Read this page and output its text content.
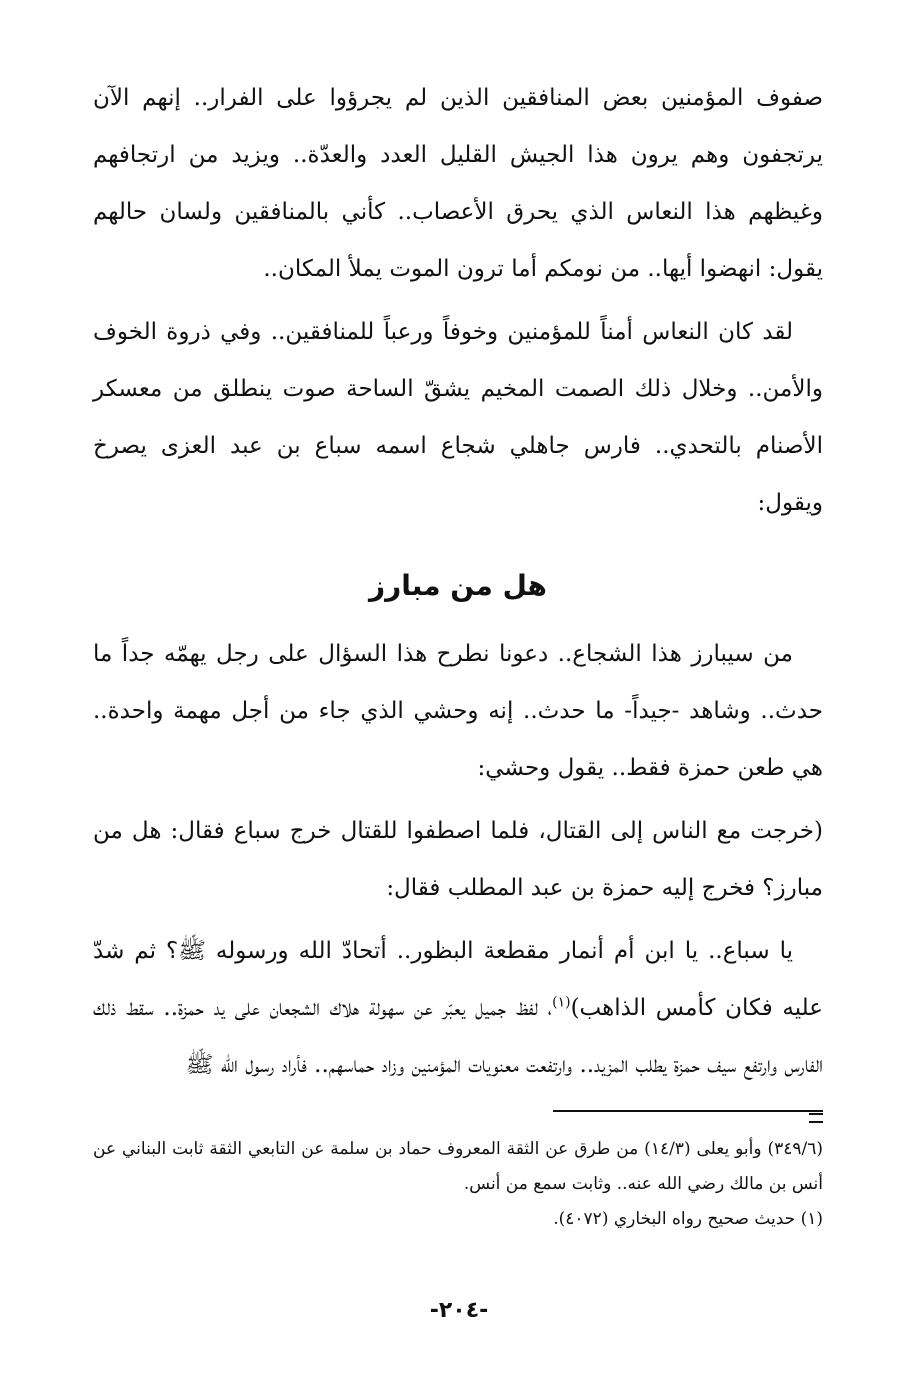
صفوف المؤمنين بعض المنافقين الذين لم يجرؤوا على الفرار.. إنهم الآن يرتجفون وهم يرون هذا الجيش القليل العدد والعدّة.. ويزيد من ارتجافهم وغيظهم هذا النعاس الذي يحرق الأعصاب.. كأني بالمنافقين ولسان حالهم يقول: انهضوا أيها.. من نومكم أما ترون الموت يملأ المكان..

لقد كان النعاس أمناً للمؤمنين وخوفاً ورعباً للمنافقين.. وفي ذروة الخوف والأمن.. وخلال ذلك الصمت المخيم يشقّ الساحة صوت ينطلق من معسكر الأصنام بالتحدي.. فارس جاهلي شجاع اسمه سباع بن عبد العزى يصرخ ويقول:

هل من مبارز

من سيبارز هذا الشجاع.. دعونا نطرح هذا السؤال على رجل يهمّه جداً ما حدث.. وشاهد -جيداً- ما حدث.. إنه وحشي الذي جاء من أجل مهمة واحدة.. هي طعن حمزة فقط.. يقول وحشي:

(خرجت مع الناس إلى القتال، فلما اصطفوا للقتال خرج سباع فقال: هل من مبارز؟ فخرج إليه حمزة بن عبد المطلب فقال:

يا سباع.. يا ابن أم أنمار مقطعة البظور.. أتحادّ الله ورسوله ﷺ؟ ثم شدّ عليه فكان كأمس الذاهب)$^{(١)}$، لفظ جميل يعبّر عن سهولة هلاك الشجعان على يد حمزة.. سقط ذلك الفارس وارتفع سيف حمزة يطلب المزيد.. وارتفعت معنويات المؤمنين وزاد حماسهم.. فأراد رسول الله ﷺ

(٣٤٩/٦) وأبو يعلى (١٤/٣) من طرق عن الثقة المعروف حماد بن سلمة عن التابعي الثقة ثابت البناني عن أنس بن مالك رضي الله عنه.. وثابت سمع من أنس.

(١) حديث صحيح رواه البخاري (٤٠٧٢).

-٢٠٤-
